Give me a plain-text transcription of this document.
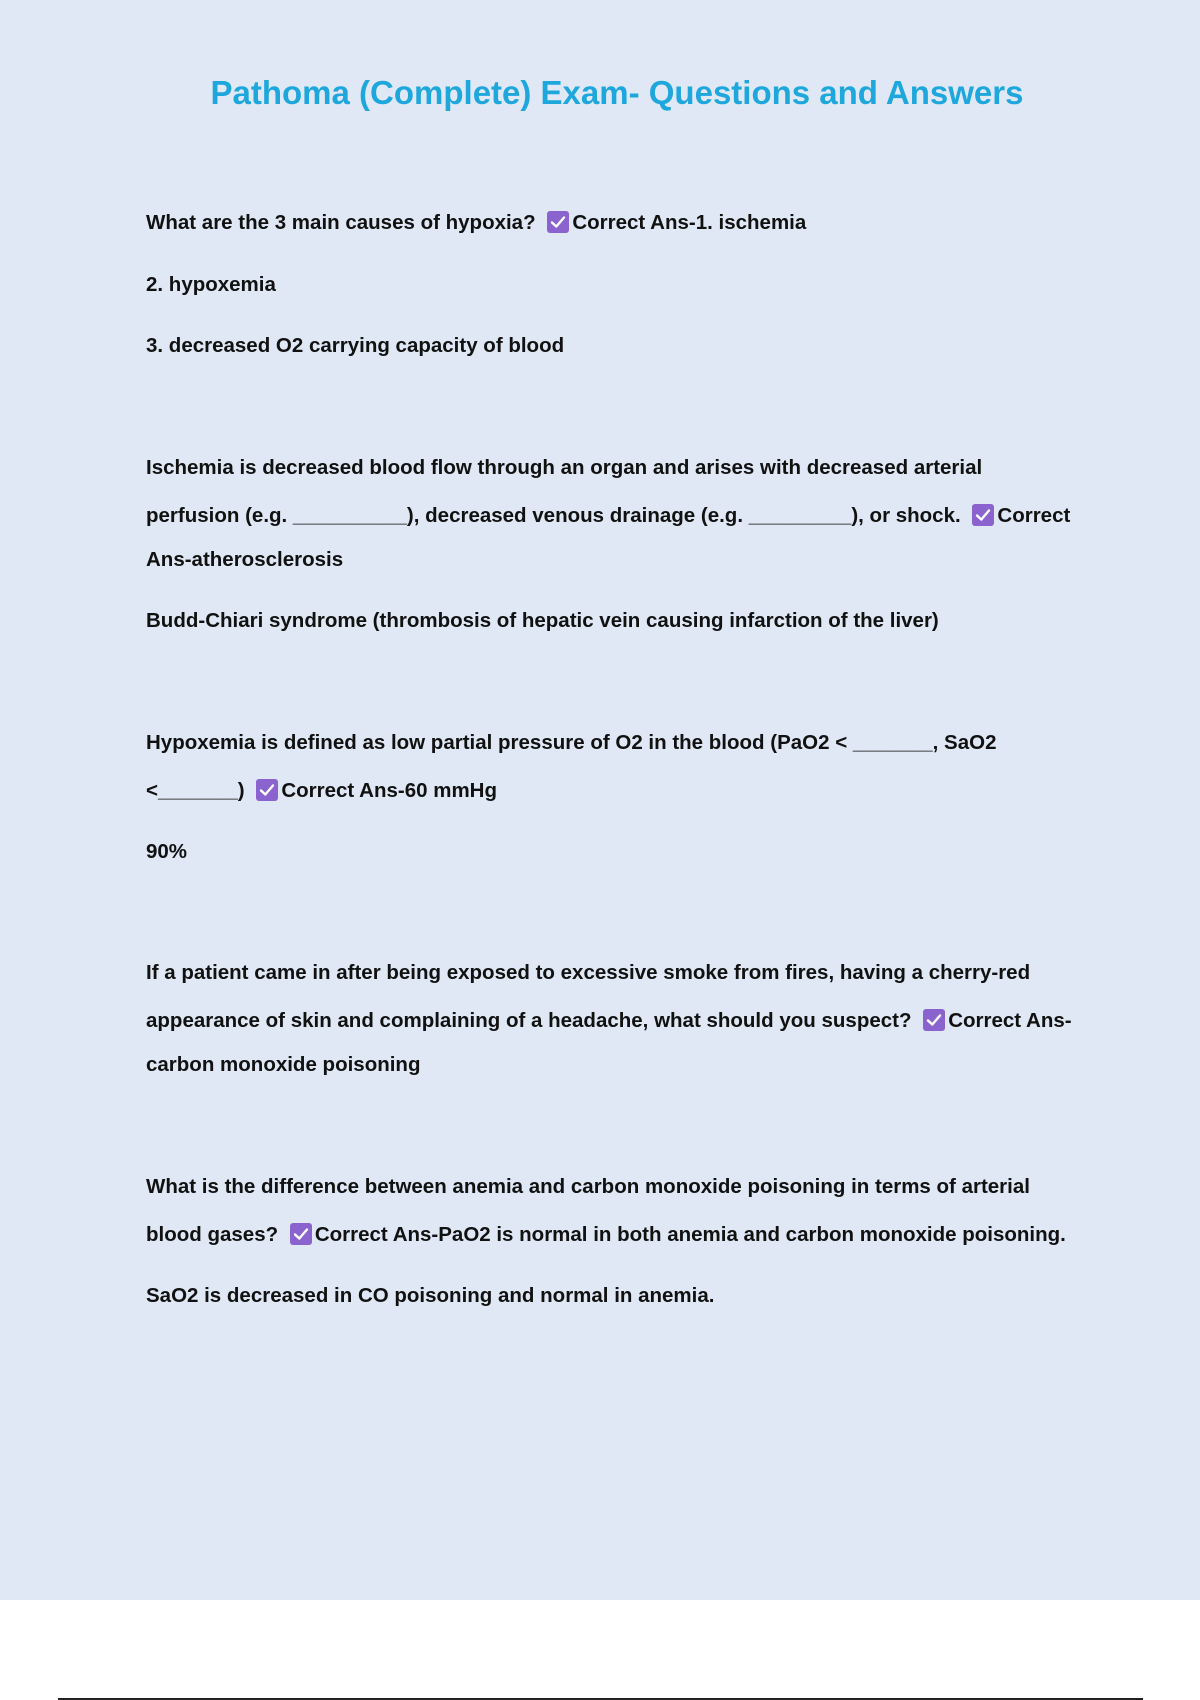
Pathoma (Complete) Exam- Questions and Answers
What are the 3 main causes of hypoxia? Correct Ans-1. ischemia
2. hypoxemia
3. decreased O2 carrying capacity of blood
Ischemia is decreased blood flow through an organ and arises with decreased arterial
perfusion (e.g. __________), decreased venous drainage (e.g. _________), or shock. Correct
Ans-atherosclerosis
Budd-Chiari syndrome (thrombosis of hepatic vein causing infarction of the liver)
Hypoxemia is defined as low partial pressure of O2 in the blood (PaO2 < _______, SaO2
<_______) Correct Ans-60 mmHg
90%
If a patient came in after being exposed to excessive smoke from fires, having a cherry-red
appearance of skin and complaining of a headache, what should you suspect? Correct Ans-
carbon monoxide poisoning
What is the difference between anemia and carbon monoxide poisoning in terms of arterial
blood gases? Correct Ans-PaO2 is normal in both anemia and carbon monoxide poisoning.
SaO2 is decreased in CO poisoning and normal in anemia.
